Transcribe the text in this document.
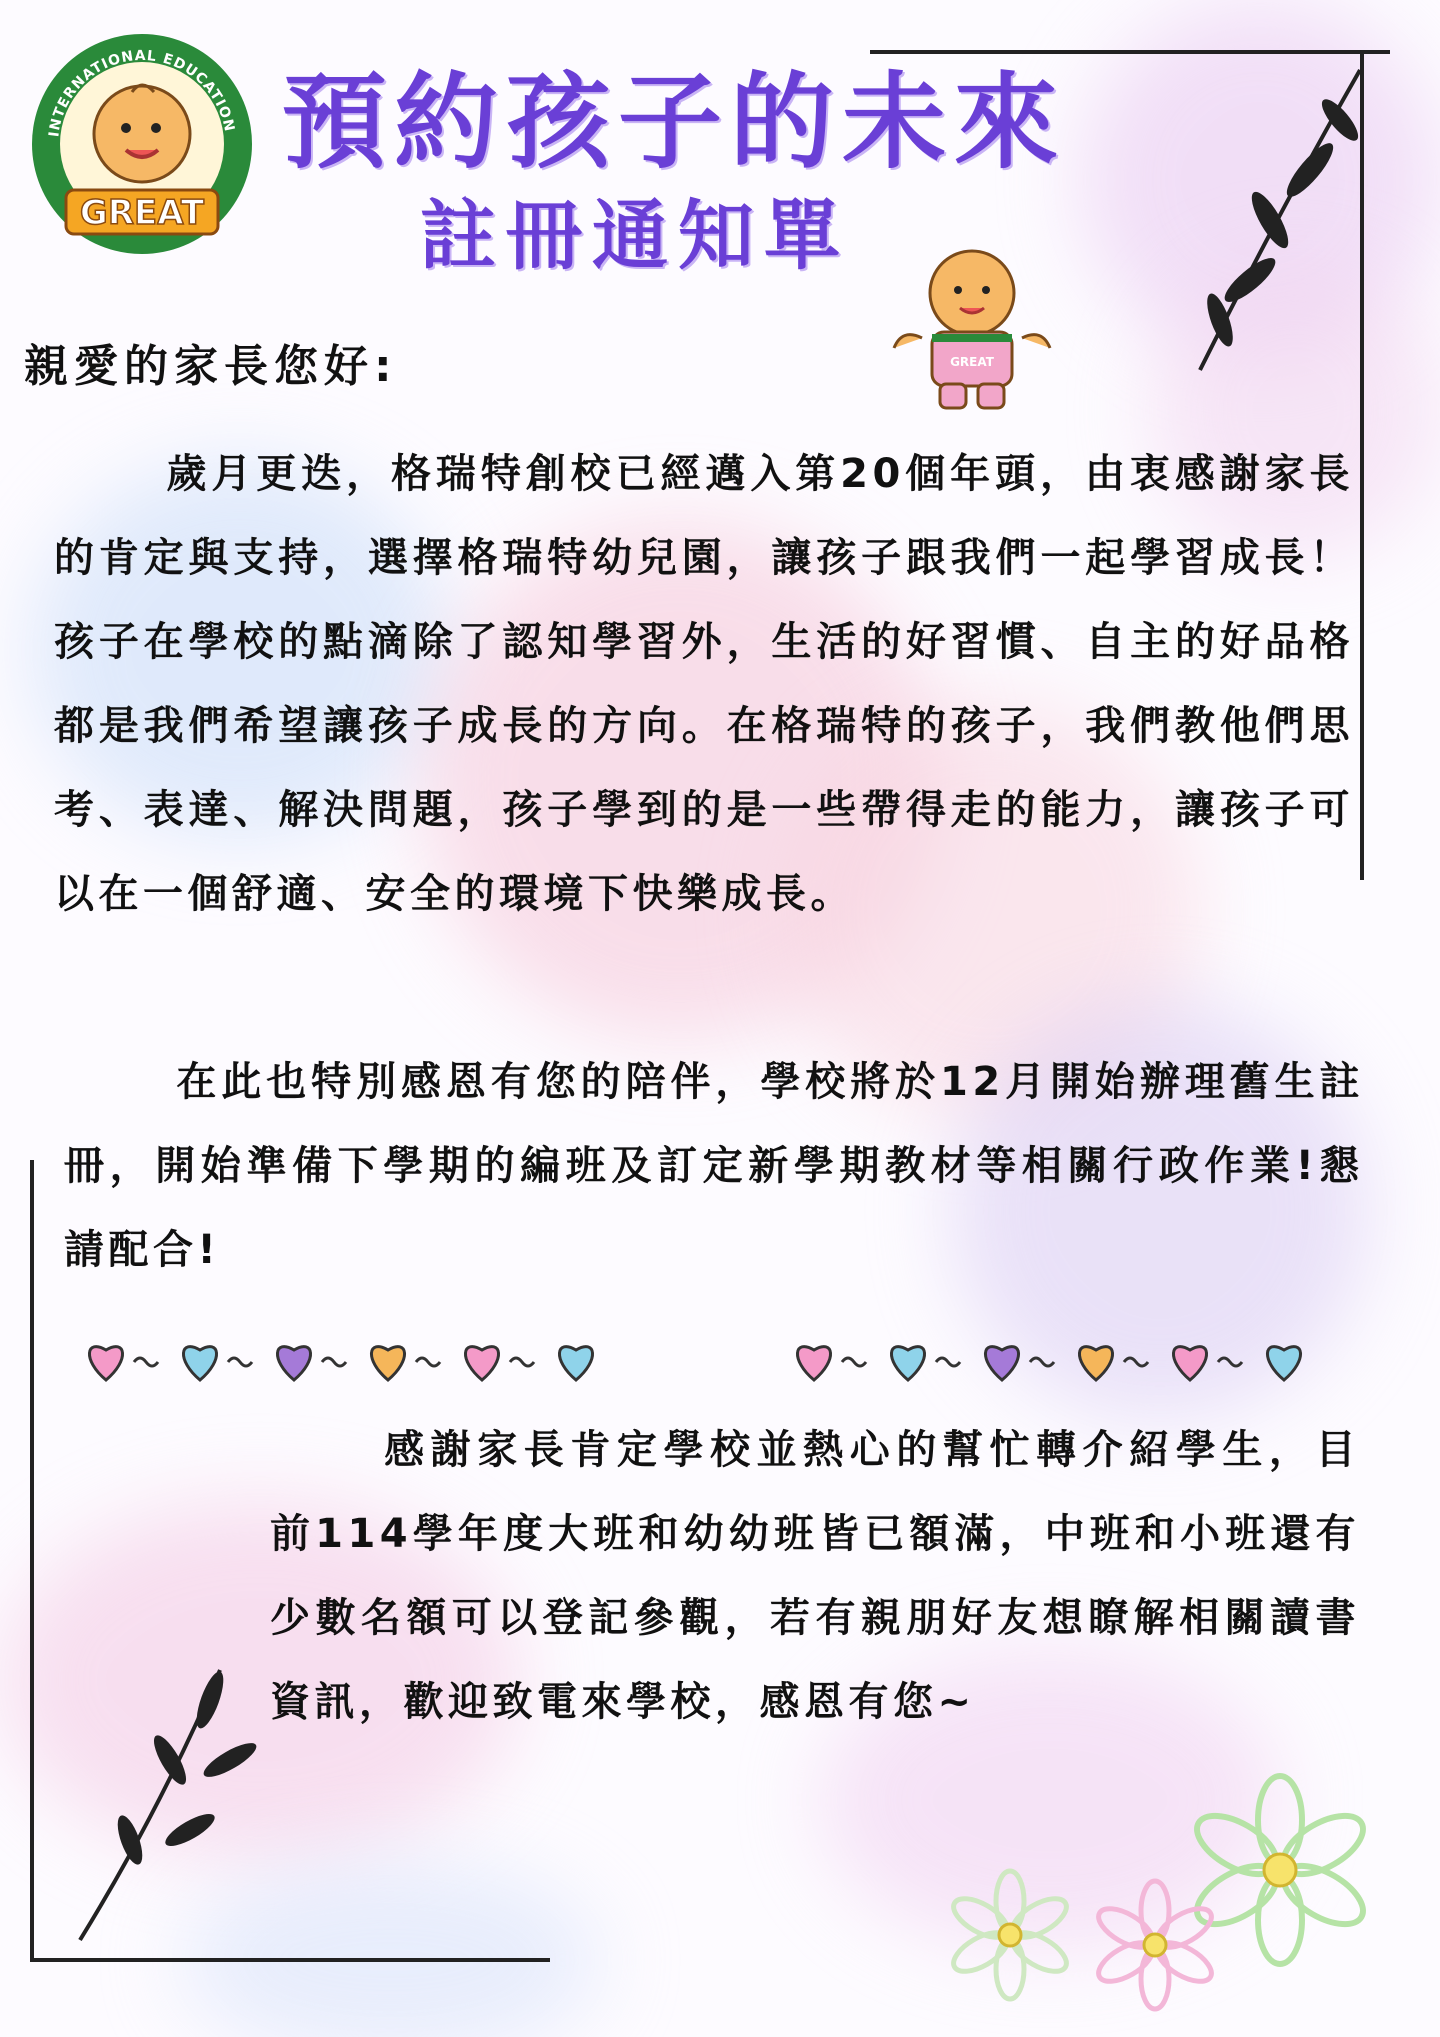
INTERNATIONAL EDUCATION
GREAT
預約孩子的未來
註冊通知單
GREAT
歲月更迭，格瑞特創校已經邁入第20個年頭，由衷感謝家長的肯定與支持，選擇格瑞特幼兒園，讓孩子跟我們一起學習成長！孩子在學校的點滴除了認知學習外，生活的好習慣、自主的好品格都是我們希望讓孩子成長的方向。在格瑞特的孩子，我們教他們思考、表達、解決問題，孩子學到的是一些帶得走的能力，讓孩子可以在一個舒適、安全的環境下快樂成長。
在此也特別感恩有您的陪伴，學校將於12月開始辦理舊生註冊，開始準備下學期的編班及訂定新學期教材等相關行政作業!懇請配合!
感謝家長肯定學校並熱心的幫忙轉介紹學生，目前114學年度大班和幼幼班皆已額滿，中班和小班還有少數名額可以登記參觀，若有親朋好友想瞭解相關讀書資訊，歡迎致電來學校，感恩有您~
親愛的家長您好:
